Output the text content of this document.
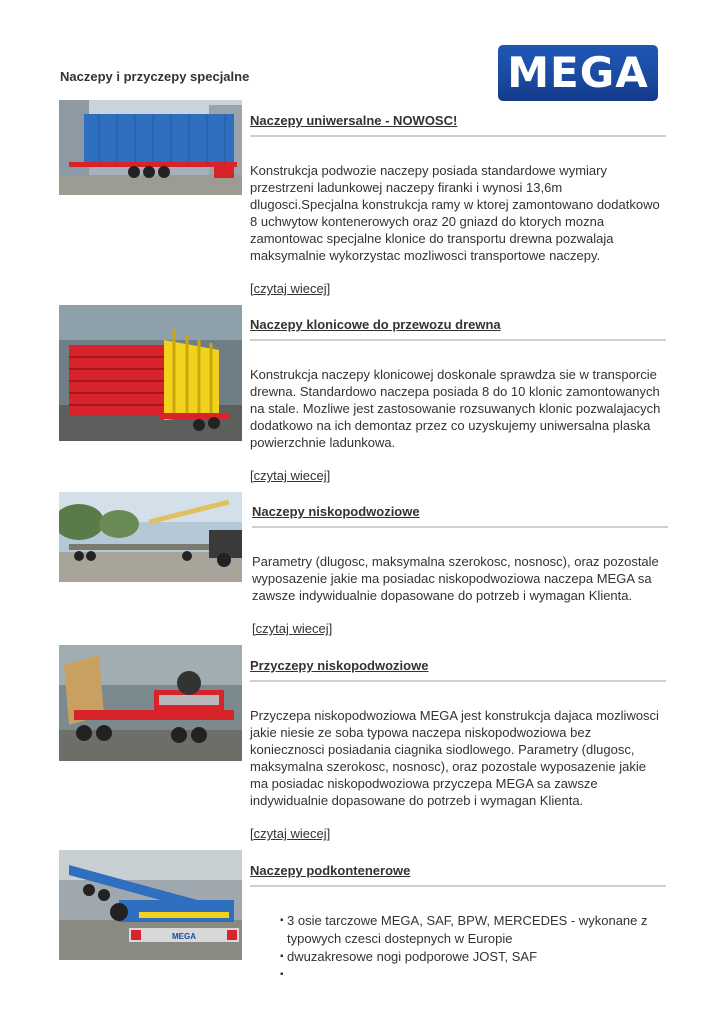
Naczepy i przyczepy specjalne	MEGA
Naczepy uniwersalne - NOWOSC!

Konstrukcja podwozie naczepy posiada standardowe wymiary przestrzeni ladunkowej naczepy firanki i wynosi 13,6m dlugosci.Specjalna konstrukcja ramy w ktorej zamontowano dodatkowo 8 uchwytow kontenerowych oraz 20 gniazd do ktorych mozna zamontowac specjalne klonice do transportu drewna pozwalaja maksymalnie wykorzystac mozliwosci transportowe naczepy.

[czytaj wiecej]
Naczepy klonicowe do przewozu drewna

Konstrukcja naczepy klonicowej doskonale sprawdza sie w transporcie drewna. Standardowo naczepa posiada 8 do 10 klonic zamontowanych na stale. Mozliwe jest zastosowanie rozsuwanych klonic pozwalajacych dodatkowo na ich demontaz przez co uzyskujemy uniwersalna plaska powierzchnie ladunkowa.

[czytaj wiecej]
Naczepy niskopodwoziowe

Parametry (dlugosc, maksymalna szerokosc, nosnosc), oraz pozostale wyposazenie jakie ma posiadac niskopodwoziowa naczepa MEGA sa zawsze indywidualnie dopasowane do potrzeb i wymagan Klienta.

[czytaj wiecej]
Przyczepy niskopodwoziowe

Przyczepa niskopodwoziowa MEGA jest konstrukcja dajaca mozliwosci jakie niesie ze soba typowa naczepa niskopodwoziowa bez koniecznosci posiadania ciagnika siodlowego. Parametry (dlugosc, maksymalna szerokosc, nosnosc), oraz pozostale wyposazenie jakie ma posiadac niskopodwoziowa przyczepa MEGA sa zawsze indywidualnie dopasowane do potrzeb i wymagan Klienta.

[czytaj wiecej]
MEGA
Naczepy podkontenerowe
▪ 3 osie tarczowe MEGA, SAF, BPW, MERCEDES - wykonane z typowych czesci dostepnych w Europie
▪ dwuzakresowe nogi podporowe JOST, SAF
